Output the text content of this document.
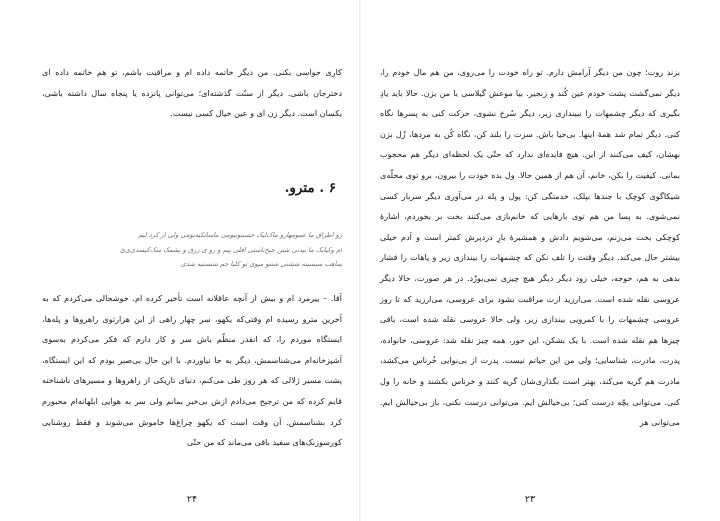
کاری حواسی بکنی. من دیگر خاتمه داده ام و مراقبت باشم، تو هم خاتمه داده ای دخترجان باشی. دیگر از سنّت گذشته‌ای؛ می‌توانی پانزده یا پنجاه سال داشته باشی، یکسان است. دیگر زن ای و عین خیال کسی نیست.

۶ . مترو.
زو اطراق ما عمومهارو ماک‌لیک حسبتونیومی ما‌ساتکیه‌بومی ولی از کرد لیم
ام وکیابک ما بیدنی شتن جیح‌ناستی اقلی پیم و رو ی زرق و پشمک سک‌کیسد‌ی‌ی‌ئ
ساهب سبسیته ششنی شتنو میوی تو کلیا جم شتستیه شدی

آقا. – پیرمرد ام و بیش از آنچه عاقلانه است تأخیر کرده ام. خوشحالی می‌کردم که به آخرین مترو رسیده ام وقتی‌که یکهو، سر چهار راهی از این هزارتوی راهروها و پله‌ها، ایستگاه موردم را، که انقدر منظّم باش سر و کار دارم که فکر می‌کردم به‌سوی آشپزخانه‌ام می‌شناسمش، دیگر به جا نیاوردم. با این حال بی‌صبر بودم که این ایستگاه، پشت مسیر ژلالی که هر روز طی می‌کنم، دنیای تاریکی از راهروها و مسیرهای ناشناخته قایم کرده که من ترجیح می‌دادم ازش بی‌خبر بمانم ولی سر به هوایی ابلهانه‌ام محبورم کرد بشناسمش. آن وقت است که یکهو چراغ‌ها خاموش می‌شوند و فقط روشنایی کورسوزنک‌های سفید باقی می‌ماند که من حتّی

۲۴

بزند روت؛ چون من دیگر آرامش دارم. تو راه خودت را می‌روی، من هم مال خودم را، دیگر نمی‌گشت پشت خودم عین کُند و زنجیر. بیا موعش گیلاسی با من بزن. حالا باید یادِ بگیری که دیگر چشمهات را نبینداری زیر، دیگر سُرخ نشوی، حرکت کنی به پسرها نگاه کنی. دیگر تمام شد همهٔ اینها. بی‌حیا باش. سرت را بلند کن، نگاه کُن به مردها، زُل بزن بهشان، کیف می‌کنند از این. هیچ فایده‌ای ندارد که حتّی یک لحظه‌ای دیگر هم محجوب بمانی. کیفیت را بکن، خانم، آن هم از همین حالا. ول بده خودت را بیرون، برو توی محلّه‌ی شیکاگوی کوچک با جندها بپلک، خدمتگی کن: پول و پله در می‌آوری دیگر سربار کسی نمی‌شوی. به پسا من هم توی بارهایی که خانم‌بازی می‌کنند بخت بر بخوردم، اشارهٔ کوچکی بخت می‌زنم، می‌شویم دادش و همشیرهٔ بارِ دردپرش کمتر است و آدم خیلی بیشتر حال می‌کند. دیگر وقتت را تلف نکن که چشمهات را بیندازی زیر و پاهات را فشار بدهی به هم، حوجه، خیلی زود دیگر دیگر هیچ چیزی نمی‌بوزّد. در هر صورت، حالا دیگر عروسی نقله شده است. می‌ارزید ازت مراقبت بشود برای عروسی، می‌ارزید که تا روز عروسی چشمهات را با کمرویی بیندازی زیر، ولی حالا عروسی نقله شده است، باقی چیزها هم نقله شده است. با یک بشکن، این حور، همه چیز نقله شد: عروسی، خانواده، پدرت، مادرت، شناسایی؛ ولی من این حیاتم نیست. پدرت از بی‌نوایی خُرناس می‌کشد، مادرت هم گریه می‌کند، بهتر است بگذاری‌شان گریه کنند و خرناس بکشند و خانه را ول کنی. می‌توانی بچّه درست کنی؛ بی‌خیالش ایم. می‌توانی درست نکنی، باز بی‌خیالش ایم. می‌توانی هر

۲۳
